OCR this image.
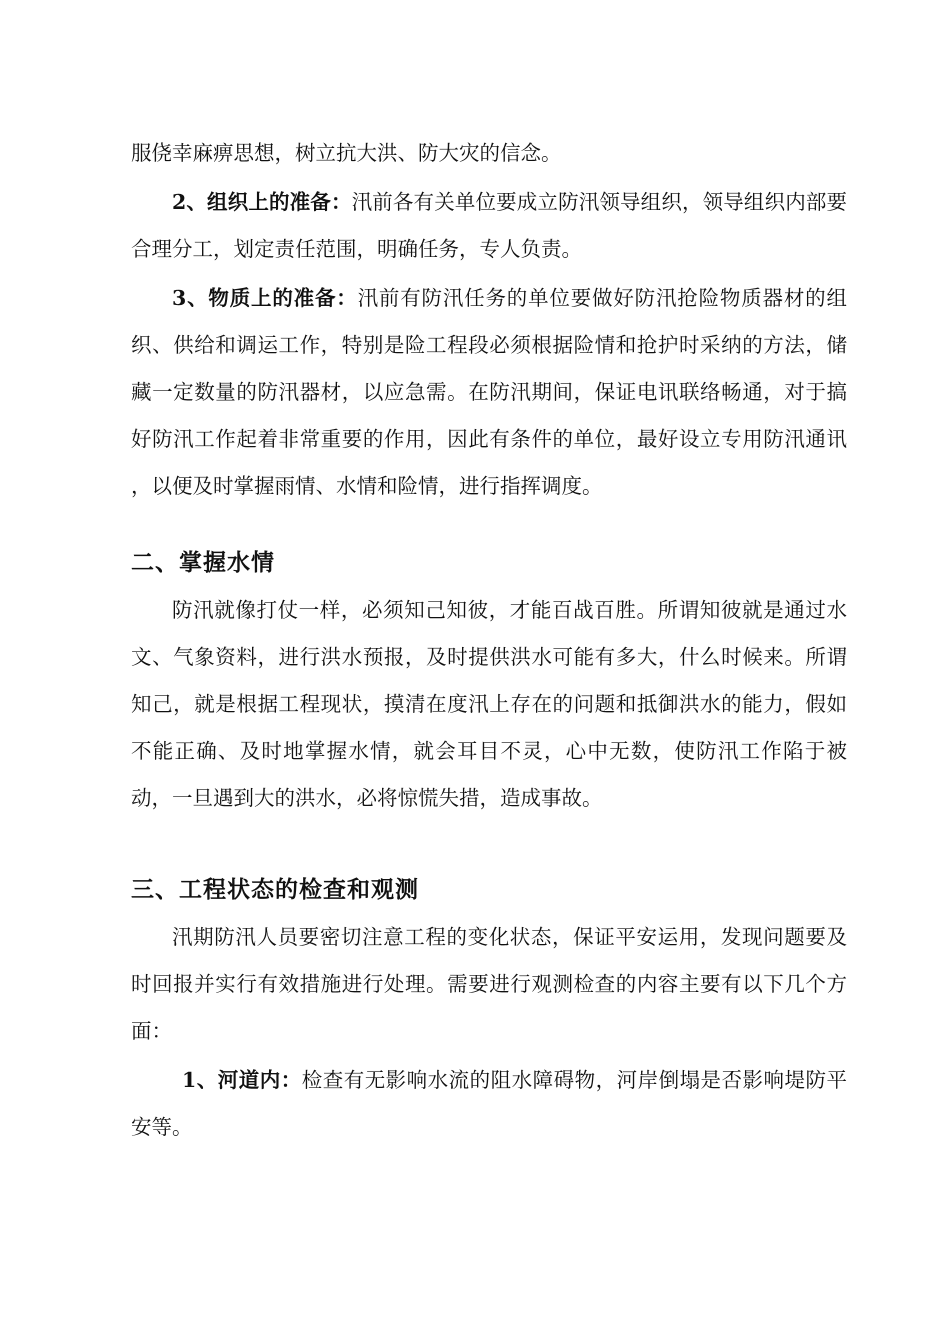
服侥幸麻痹思想，树立抗大洪、防大灾的信念。

2、组织上的准备：汛前各有关单位要成立防汛领导组织，领导组织内部要合理分工，划定责任范围，明确任务，专人负责。

3、物质上的准备：汛前有防汛任务的单位要做好防汛抢险物质器材的组织、供给和调运工作，特别是险工程段必须根据险情和抢护时采纳的方法，储藏一定数量的防汛器材，以应急需。在防汛期间，保证电讯联络畅通，对于搞好防汛工作起着非常重要的作用，因此有条件的单位，最好设立专用防汛通讯　　，以便及时掌握雨情、水情和险情，进行指挥调度。

二、掌握水情

防汛就像打仗一样，必须知己知彼，才能百战百胜。所谓知彼就是通过水文、气象资料，进行洪水预报，及时提供洪水可能有多大，什么时候来。所谓知己，就是根据工程现状，摸清在度汛上存在的问题和抵御洪水的能力，假如不能正确、及时地掌握水情，就会耳目不灵，心中无数，使防汛工作陷于被动，一旦遇到大的洪水，必将惊慌失措，造成事故。

三、工程状态的检查和观测

汛期防汛人员要密切注意工程的变化状态，保证平安运用，发现问题要及时回报并实行有效措施进行处理。需要进行观测检查的内容主要有以下几个方面：

1、河道内：检查有无影响水流的阻水障碍物，河岸倒塌是否影响堤防平安等。
